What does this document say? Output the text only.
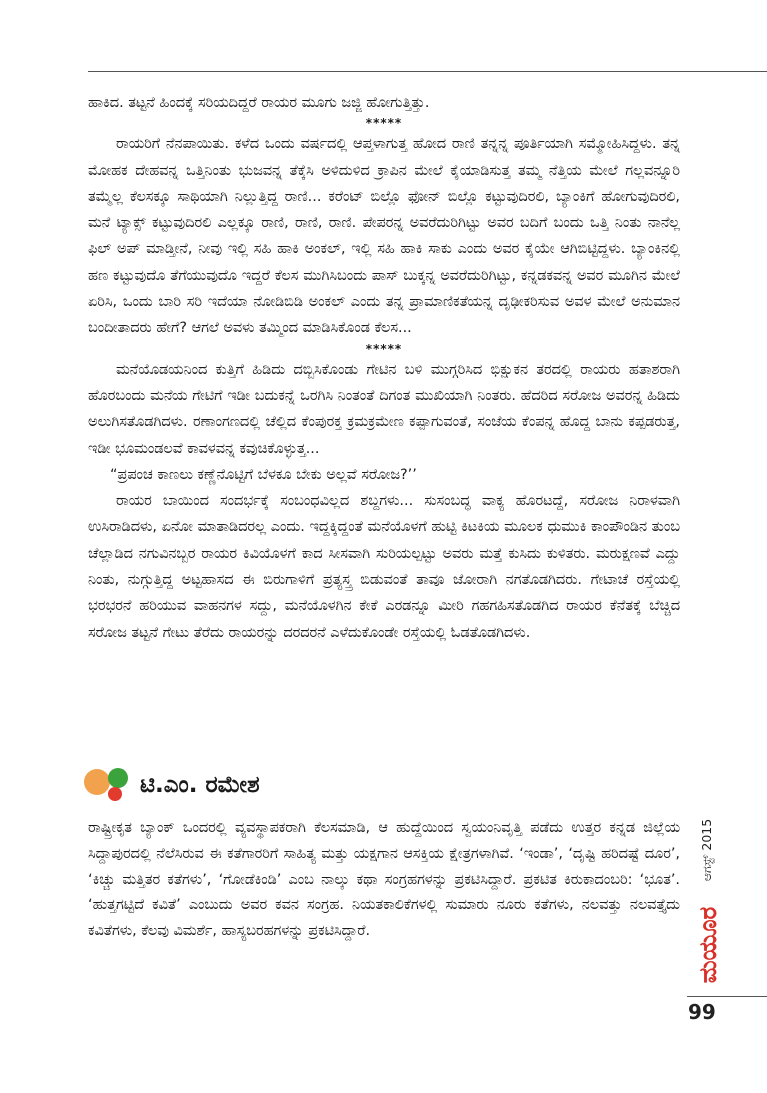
ಹಾಕಿದ. ತಟ್ಟನೆ ಹಿಂದಕ್ಕೆ ಸರಿಯದಿದ್ದರೆ ರಾಯರ ಮೂಗು ಜಜ್ಜಿ ಹೋಗುತ್ತಿತ್ತು.

*****

ರಾಯರಿಗೆ ನೆನಪಾಯಿತು. ಕಳೆದ ಒಂದು ವರ್ಷದಲ್ಲಿ ಆಪ್ತಳಾಗುತ್ತ ಹೋದ ರಾಣಿ ತನ್ನನ್ನ ಪೂರ್ತಿಯಾಗಿ ಸಮ್ಮೋಹಿಸಿದ್ದಳು. ತನ್ನ ಮೋಹಕ ದೇಹವನ್ನ ಒತ್ತಿನಿಂತು ಭುಜವನ್ನ ತೆಕ್ಕೆಸಿ ಅಳಿದುಳಿದ ಕ್ರಾಪಿನ ಮೇಲೆ ಕೈಯಾಡಿಸುತ್ತ ತಮ್ಮ ನೆತ್ತಿಯ ಮೇಲೆ ಗಲ್ಲವನ್ನೂರಿ ತಮ್ಮೆಲ್ಲ ಕೆಲಸಕ್ಕೂ ಸಾಥಿಯಾಗಿ ನಿಲ್ಲುತ್ತಿದ್ದ ರಾಣಿ... ಕರೆಂಟ್ ಬಿಲ್ಲೊ ಫೋನ್ ಬಿಲ್ಲೊ ಕಟ್ಟುವುದಿರಲಿ, ಬ್ಯಾಂಕಿಗೆ ಹೋಗುವುದಿರಲಿ, ಮನೆ ಟ್ಯಾಕ್ಸ್ ಕಟ್ಟುವುದಿರಲಿ ಎಲ್ಲಕ್ಕೂ ರಾಣಿ, ರಾಣಿ, ರಾಣಿ. ಪೇಪರನ್ನ ಅವರೆದುರಿಗಿಟ್ಟು ಅವರ ಬದಿಗೆ ಬಂದು ಒತ್ತಿ ನಿಂತು ನಾನೆಲ್ಲ ಫಿಲ್ ಅಪ್ ಮಾಡ್ತೀನೆ, ನೀವು ಇಲ್ಲಿ ಸಹಿ ಹಾಕಿ ಅಂಕಲ್, ಇಲ್ಲಿ ಸಹಿ ಹಾಕಿ ಸಾಕು ಎಂದು ಅವರ ಕೈಯೇ ಆಗಿಬಿಟ್ಟಿದ್ದಳು. ಬ್ಯಾಂಕಿನಲ್ಲಿ ಹಣ ಕಟ್ಟುವುದೊ ತೆಗೆಯುವುದೊ ಇದ್ದರೆ ಕೆಲಸ ಮುಗಿಸಿಬಂದು ಪಾಸ್ ಬುಕ್ಕನ್ನ ಅವರೆದುರಿಗಿಟ್ಟು, ಕನ್ನಡಕವನ್ನ ಅವರ ಮೂಗಿನ ಮೇಲೆ ಏರಿಸಿ, ಒಂದು ಬಾರಿ ಸರಿ ಇದೆಯಾ ನೋಡಿಬಿಡಿ ಅಂಕಲ್ ಎಂದು ತನ್ನ ಪ್ರಾಮಾಣಿಕತೆಯನ್ನ ದೃಢೀಕರಿಸುವ ಅವಳ ಮೇಲೆ ಅನುಮಾನ ಬಂದೀತಾದರು ಹೇಗೆ? ಆಗಲೆ ಅವಳು ತಮ್ಮಿಂದ ಮಾಡಿಸಿಕೊಂಡ ಕೆಲಸ...

*****

ಮನೆಯೊಡಯನಿಂದ ಕುತ್ತಿಗೆ ಹಿಡಿದು ದಬ್ಬಿಸಿಕೊಂಡು ಗೇಟಿನ ಬಳಿ ಮುಗ್ಗರಿಸಿದ ಭಿಕ್ಷುಕನ ತರದಲ್ಲಿ ರಾಯರು ಹತಾಶರಾಗಿ ಹೊರಬಂದು ಮನೆಯ ಗೇಟಿಗೆ ಇಡೀ ಬದುಕನ್ನೆ ಒರಗಿಸಿ ನಿಂತಂತೆ ದಿಗಂತ ಮುಖಿಯಾಗಿ ನಿಂತರು. ಹೆದರಿದ ಸರೋಜ ಅವರನ್ನ ಹಿಡಿದು ಅಲುಗಿಸತೊಡಗಿದಳು. ರಣಾಂಗಣದಲ್ಲಿ ಚೆಲ್ಲಿದ ಕೆಂಪುರಕ್ತ ಕ್ರಮಕ್ರಮೇಣ ಕಪ್ಪಾಗುವಂತೆ, ಸಂಜೆಯ ಕೆಂಪನ್ನ ಹೊದ್ದ ಬಾನು ಕಪ್ಪಡರುತ್ತ, ಇಡೀ ಭೂಮಂಡಲವೆ ಕಾವಳವನ್ನ ಕವುಚಿಕೊಳ್ಳುತ್ತ...

“ಪ್ರಪಂಚ ಕಾಣಲು ಕಣ್ಣೆನೊಟ್ಟಿಗೆ ಬೆಳಕೂ ಬೇಕು ಅಲ್ಲವೆ ಸರೋಜ?’’

ರಾಯರ ಬಾಯಿಂದ ಸಂದರ್ಭಕ್ಕೆ ಸಂಬಂಧವಿಲ್ಲದ ಶಬ್ದಗಳು... ಸುಸಂಬದ್ಧ ವಾಕ್ಯ ಹೊರಟದ್ದೆ, ಸರೋಜ ನಿರಾಳವಾಗಿ ಉಸಿರಾಡಿದಳು, ಏನೋ ಮಾತಾಡಿದರಲ್ಲ ಎಂದು. ಇದ್ದಕ್ಕಿದ್ದಂತೆ ಮನೆಯೊಳಗೆ ಹುಟ್ಟಿ ಕಿಟಕಿಯ ಮೂಲಕ ಧುಮುಕಿ ಕಾಂಪೌಂಡಿನ ತುಂಬ ಚೆಲ್ಲಾಡಿದ ನಗುವಿನಬ್ಬರ ರಾಯರ ಕಿವಿಯೊಳಗೆ ಕಾದ ಸೀಸವಾಗಿ ಸುರಿಯಲ್ಪಟ್ಟು ಅವರು ಮತ್ತೆ ಕುಸಿದು ಕುಳಿತರು. ಮರುಕ್ಷಣವೆ ಎದ್ದು ನಿಂತು, ನುಗ್ಗುತ್ತಿದ್ದ ಅಟ್ಟಹಾಸದ ಈ ಬಿರುಗಾಳಿಗೆ ಪ್ರತ್ಯಸ್ತ್ರ ಬಿಡುವಂತೆ ತಾವೂ ಜೋರಾಗಿ ನಗತೊಡಗಿದರು. ಗೇಟಾಚೆ ರಸ್ತೆಯಲ್ಲಿ ಭರಭರನೆ ಹರಿಯುವ ವಾಹನಗಳ ಸದ್ದು, ಮನೆಯೊಳಗಿನ ಕೇಕೆ ಎರಡನ್ನೂ ಮೀರಿ ಗಹಗಹಿಸತೊಡಗಿದ ರಾಯರ ಕೆನೆತಕ್ಕೆ ಬೆಚ್ಚಿದ ಸರೋಜ ತಟ್ಟನೆ ಗೇಟು ತೆರೆದು ರಾಯರನ್ನು ದರದರನೆ ಎಳೆದುಕೊಂಡೇ ರಸ್ತೆಯಲ್ಲಿ ಓಡತೊಡಗಿದಳು.

ಟಿ.ಎಂ. ರಮೇಶ

ರಾಷ್ಟ್ರೀಕೃತ ಬ್ಯಾಂಕ್ ಒಂದರಲ್ಲಿ ವ್ಯವಸ್ಥಾಪಕರಾಗಿ ಕೆಲಸಮಾಡಿ, ಆ ಹುದ್ದೆಯಿಂದ ಸ್ವಯಂನಿವೃತ್ತಿ ಪಡೆದು ಉತ್ತರ ಕನ್ನಡ ಜಿಲ್ಲೆಯ ಸಿದ್ದಾಪುರದಲ್ಲಿ ನೆಲೆಸಿರುವ ಈ ಕತೆಗಾರರಿಗೆ ಸಾಹಿತ್ಯ ಮತ್ತು ಯಕ್ಷಗಾನ ಆಸಕ್ತಿಯ ಕ್ಷೇತ್ರಗಳಾಗಿವೆ. ‘ಇಂಡಾ’, ‘ದೃಷ್ಟಿ ಹರಿದಷ್ಟೆ ದೂರ’, ‘ಕಿಚ್ಚು ಮತ್ತಿತರ ಕತೆಗಳು’, ‘ಗೋಡೆಕಿಂಡಿ’ ಎಂಬ ನಾಲ್ಕು ಕಥಾ ಸಂಗ್ರಹಗಳನ್ನು ಪ್ರಕಟಿಸಿದ್ದಾರೆ. ಪ್ರಕಟಿತ ಕಿರುಕಾದಂಬರಿ: ‘ಭೂತ’. ‘ಹುತ್ತಗಟ್ಟಿದೆ ಕವಿತೆ’ ಎಂಬುದು ಅವರ ಕವನ ಸಂಗ್ರಹ. ನಿಯತಕಾಲಿಕೆಗಳಲ್ಲಿ ಸುಮಾರು ನೂರು ಕತೆಗಳು, ನಲವತ್ತು ನಲವತ್ತೈದು ಕವಿತೆಗಳು, ಕೆಲವು ವಿಮರ್ಶೆ, ಹಾಸ್ಯಬರಹಗಳನ್ನು ಪ್ರಕಟಿಸಿದ್ದಾರೆ.

ಆಗಸ್ಟ್ 2015
ಮಯೂರ
99
